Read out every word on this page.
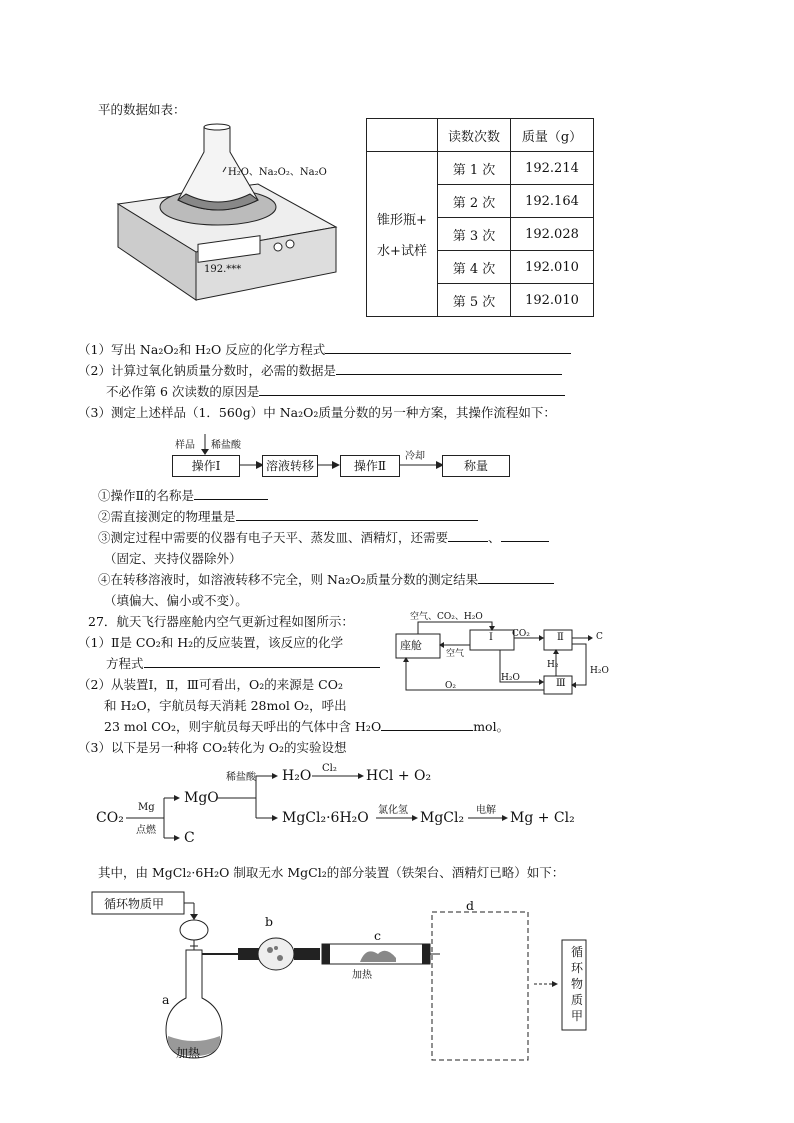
平的数据如表：
H₂O、Na₂O₂、Na₂O
192.***
	读数次数	质量（g）

锥形瓶+
水+试样	第 1 次	192.214
	第 2 次	192.164
	第 3 次	192.028
	第 4 次	192.010
	第 5 次	192.010
（1）写出 Na₂O₂和 H₂O 反应的化学方程式
（2）计算过氧化钠质量分数时，必需的数据是
不必作第 6 次读数的原因是
（3）测定上述样品（1．560g）中 Na₂O₂质量分数的另一种方案，其操作流程如下：
样品 稀盐酸
操作Ⅰ	溶液转移	操作Ⅱ
冷却
称量
①操作Ⅱ的名称是
②需直接测定的物理量是
③测定过程中需要的仪器有电子天平、蒸发皿、酒精灯，还需要	、
（固定、夹持仪器除外）
④在转移溶液时，如溶液转移不完全，则 Na₂O₂质量分数的测定结果
（填偏大、偏小或不变）。
27．航天飞行器座舱内空气更新过程如图所示：
（1）Ⅱ是 CO₂和 H₂的反应装置，该反应的化学
方程式
（2）从装置Ⅰ，Ⅱ，Ⅲ可看出，O₂的来源是 CO₂
和 H₂O，宇航员每天消耗 28mol O₂，呼出
23 mol CO₂，则宇航员每天呼出的气体中含 H₂O	mol。
（3）以下是另一种将 CO₂转化为 O₂的实验设想
座舱
Ⅰ	Ⅱ
Ⅲ
空气、CO₂、H₂O
空气
CO₂	C
H₂
H₂O
H₂O
O₂
CO₂
Mg
点燃
MgO
C
稀盐酸 H₂O Cl₂ HCl + O₂
MgCl₂·6H₂O 氯化氢 MgCl₂ 电解 Mg + Cl₂
其中，由 MgCl₂·6H₂O 制取无水 MgCl₂的部分装置（铁架台、酒精灯已略）如下：
循环物质甲
a
b
c
d
加热
加热
循
环
物
质
甲
